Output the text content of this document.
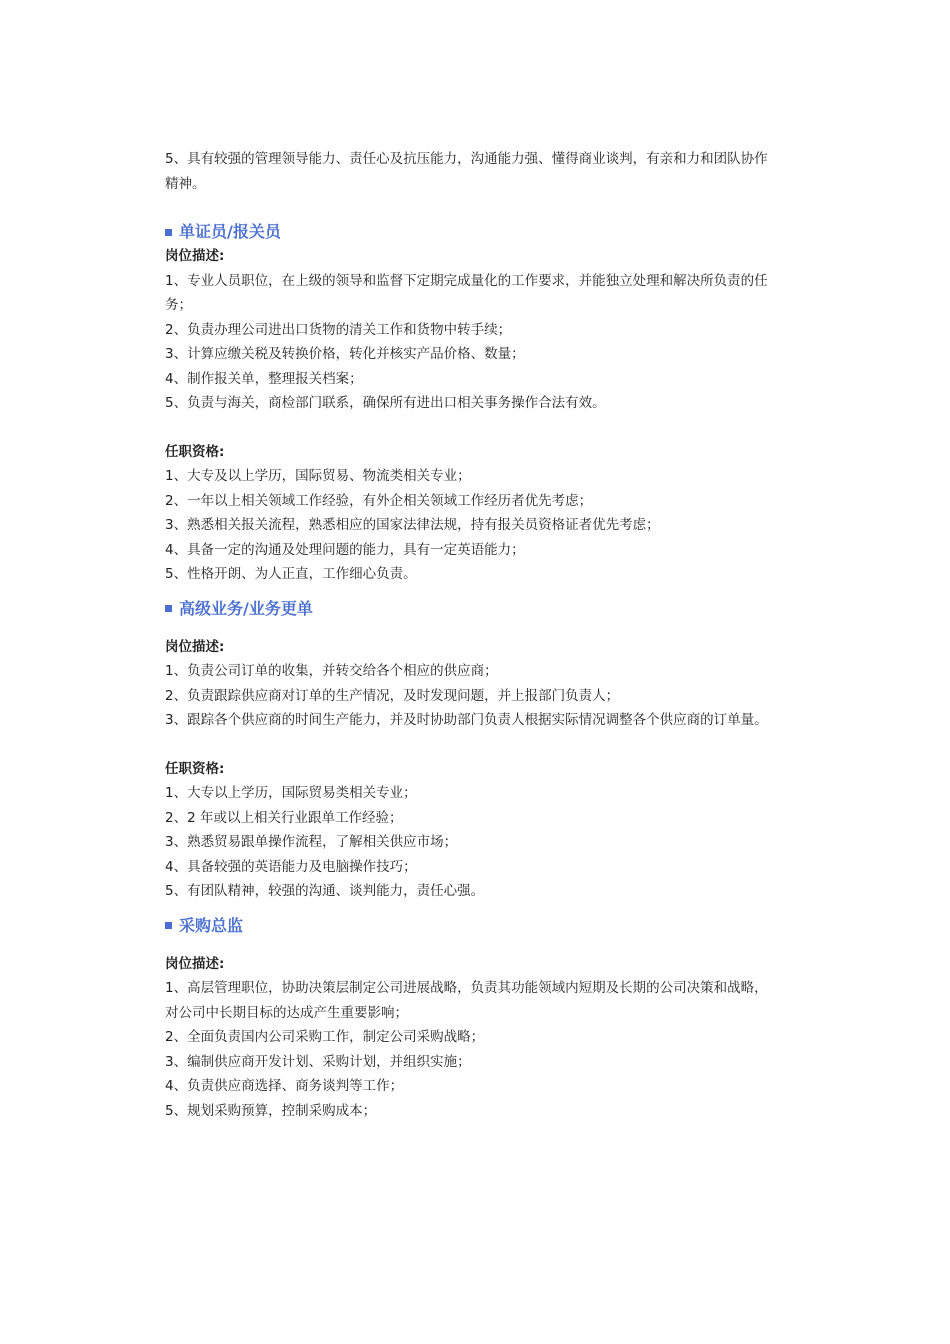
5、具有较强的管理领导能力、责任心及抗压能力，沟通能力强、懂得商业谈判，有亲和力和团队协作精神。

单证员/报关员

岗位描述:

1、专业人员职位，在上级的领导和监督下定期完成量化的工作要求，并能独立处理和解决所负责的任务；

2、负责办理公司进出口货物的清关工作和货物中转手续；

3、计算应缴关税及转换价格，转化并核实产品价格、数量；

4、制作报关单，整理报关档案；

5、负责与海关，商检部门联系，确保所有进出口相关事务操作合法有效。

任职资格:

1、大专及以上学历，国际贸易、物流类相关专业；

2、一年以上相关领域工作经验，有外企相关领域工作经历者优先考虑；

3、熟悉相关报关流程，熟悉相应的国家法律法规，持有报关员资格证者优先考虑；

4、具备一定的沟通及处理问题的能力，具有一定英语能力；

5、性格开朗、为人正直，工作细心负责。

高级业务/业务更单

岗位描述:

1、负责公司订单的收集，并转交给各个相应的供应商；

2、负责跟踪供应商对订单的生产情况，及时发现问题，并上报部门负责人；

3、跟踪各个供应商的时间生产能力，并及时协助部门负责人根据实际情况调整各个供应商的订单量。

任职资格:

1、大专以上学历，国际贸易类相关专业；

2、2 年或以上相关行业跟单工作经验；

3、熟悉贸易跟单操作流程，了解相关供应市场；

4、具备较强的英语能力及电脑操作技巧；

5、有团队精神，较强的沟通、谈判能力，责任心强。

采购总监

岗位描述:

1、高层管理职位，协助决策层制定公司进展战略，负责其功能领域内短期及长期的公司决策和战略，对公司中长期目标的达成产生重要影响；

2、全面负责国内公司采购工作，制定公司采购战略；

3、编制供应商开发计划、采购计划，并组织实施；

4、负责供应商选择、商务谈判等工作；

5、规划采购预算，控制采购成本；
